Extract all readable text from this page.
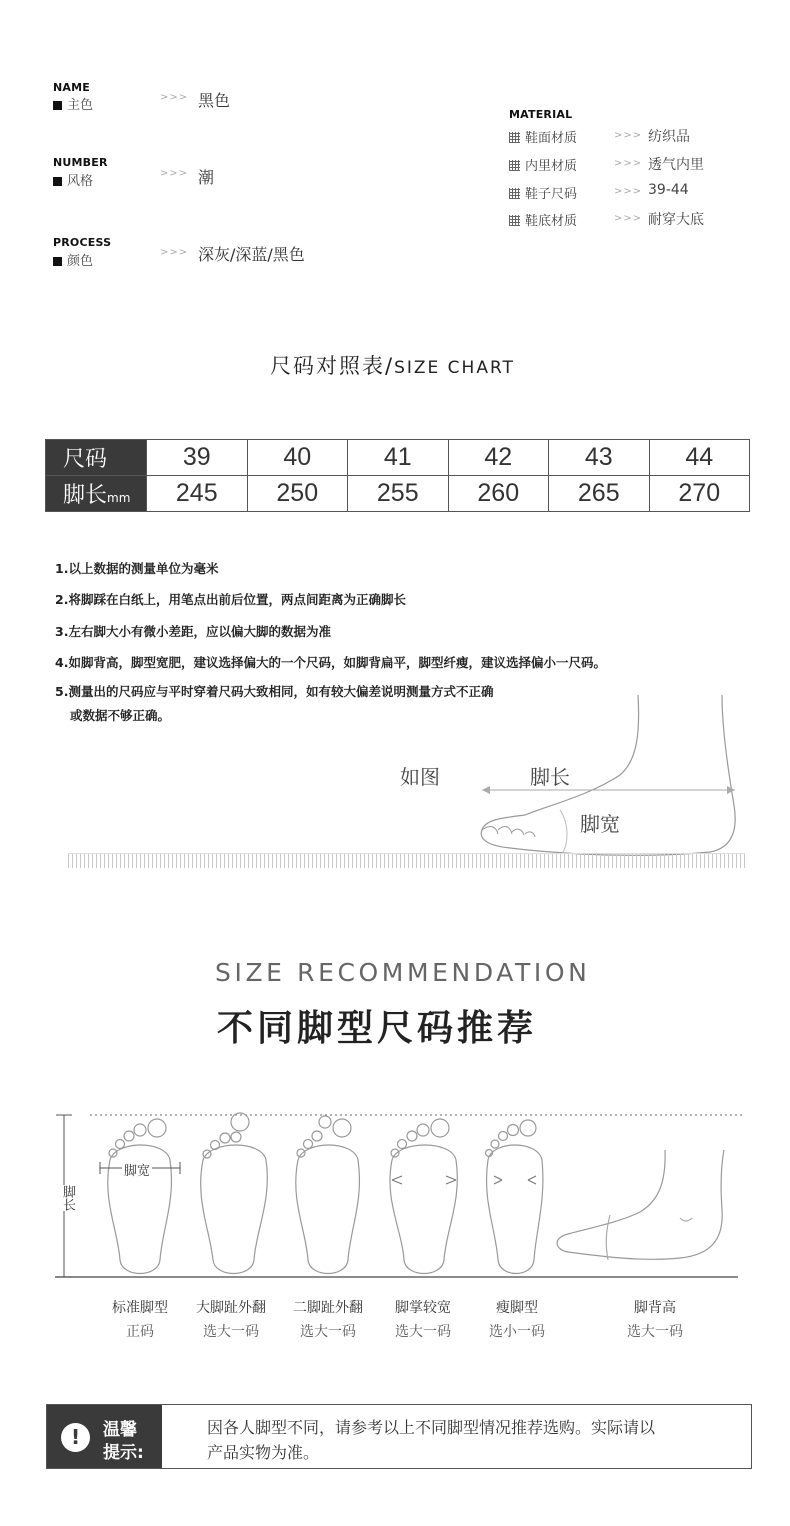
NAME
主色
>>> 黑色
NUMBER
风格
>>> 潮
PROCESS
颜色
>>> 深灰/深蓝/黑色
MATERIAL
鞋面材质	>>> 纺织品
内里材质	>>> 透气内里
鞋子尺码	>>> 39-44
鞋底材质	>>> 耐穿大底
尺码对照表/SIZE CHART
尺码	39	40	41	42	43	44
脚长mm	245	250	255	260	265	270
1.以上数据的测量单位为毫米
2.将脚踩在白纸上，用笔点出前后位置，两点间距离为正确脚长
3.左右脚大小有微小差距，应以偏大脚的数据为准
4.如脚背高，脚型宽肥，建议选择偏大的一个尺码，如脚背扁平，脚型纤瘦，建议选择偏小一尺码。
5.测量出的尺码应与平时穿着尺码大致相同，如有较大偏差说明测量方式不正确
或数据不够正确。
如图	脚长
脚宽
SIZE RECOMMENDATION
不同脚型尺码推荐
脚宽
脚长
标准脚型
正码
大脚趾外翻
选大一码
二脚趾外翻
选大一码
脚掌较宽
选大一码
瘦脚型
选小一码
脚背高
选大一码
!	温馨
提示:
因各人脚型不同，请参考以上不同脚型情况推荐选购。实际请以
产品实物为准。
